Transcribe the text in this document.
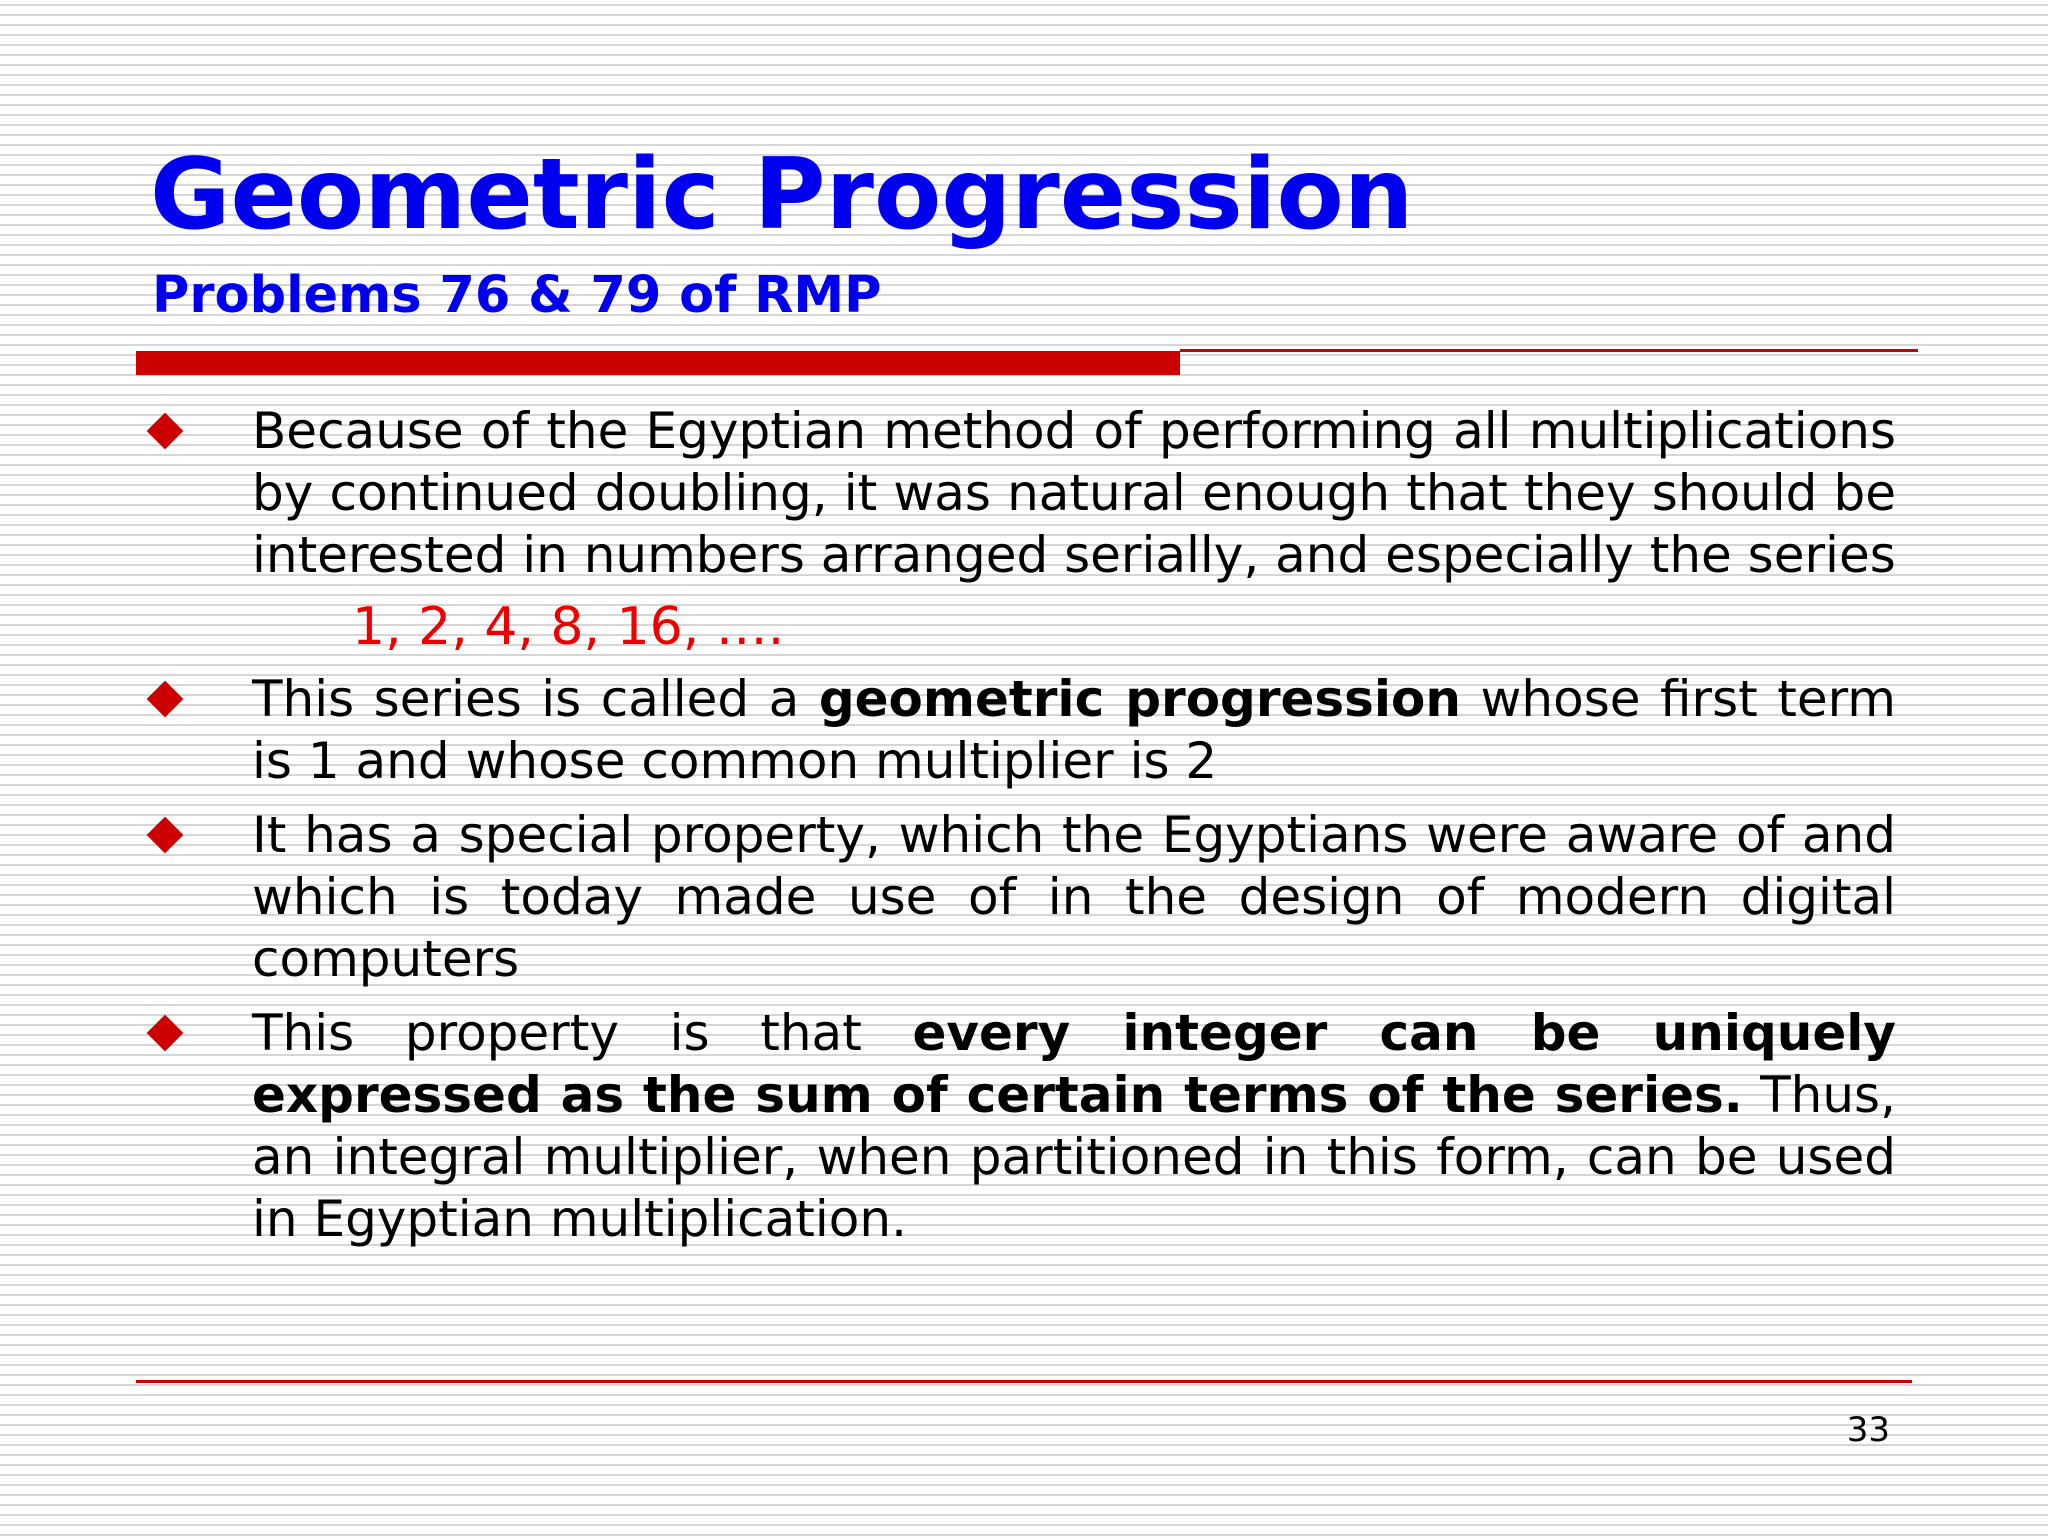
Geometric Progression
Problems 76 & 79 of RMP
Because of the Egyptian method of performing all multiplications by continued doubling, it was natural enough that they should be interested in numbers arranged serially, and especially the series
1, 2, 4, 8, 16, ….
This series is called a geometric progression whose first term is 1 and whose common multiplier is 2
It has a special property, which the Egyptians were aware of and which is today made use of in the design of modern digital computers
This property is that every integer can be uniquely expressed as the sum of certain terms of the series. Thus, an integral multiplier, when partitioned in this form, can be used in Egyptian multiplication.
33
